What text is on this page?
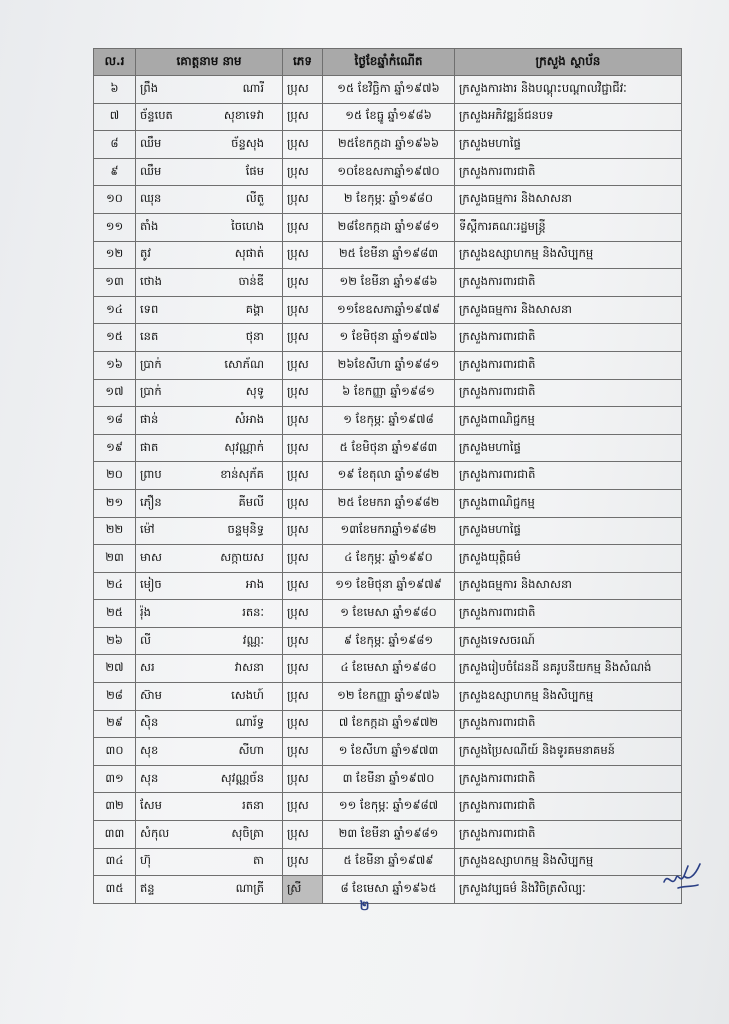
ល.រ	គោត្តនាម នាម	ភេទ	ថ្ងៃខែឆ្នាំកំណើត	ក្រសួង ស្ថាប័ន
៦	ព្រឹង ណារី	ប្រុស	១៥ ខែវិច្ឆិកា ឆ្នាំ១៩៧៦	ក្រសួងការងារ និងបណ្តុះបណ្តាលវិជ្ជាជីវៈ
៧	ច័ន្ទបេត សុខាទេវា	ប្រុស	១៥ ខែធ្នូ ឆ្នាំ១៩៨៦	ក្រសួងអភិវឌ្ឍន៍ជនបទ
៨	ឈឹម ច័ន្ទសុង	ប្រុស	២៥ខែកក្កដា ឆ្នាំ១៩៦៦	ក្រសួងមហាផ្ទៃ
៩	ឈឹម ផែម	ប្រុស	១០ខែឧសភាឆ្នាំ១៩៧០	ក្រសួងការពារជាតិ
១០	ឈុន លីតួ	ប្រុស	២ ខែកុម្ភៈ ឆ្នាំ១៩៨០	ក្រសួងធម្មការ និងសាសនា
១១	តាំង ចៃហេង	ប្រុស	២៨ខែកក្កដា ឆ្នាំ១៩៨១	ទីស្តីការគណៈរដ្ឋមន្ត្រី
១២	តូវ សុផាត់	ប្រុស	២៥ ខែមីនា ឆ្នាំ១៩៨៣	ក្រសួងឧស្សាហកម្ម និងសិប្បកម្ម
១៣	ថោង ចាន់ឌី	ប្រុស	១២ ខែមីនា ឆ្នាំ១៩៨៦	ក្រសួងការពារជាតិ
១៤	ទេព គង្គា	ប្រុស	១១ខែឧសភាឆ្នាំ១៩៧៩	ក្រសួងធម្មការ និងសាសនា
១៥	នេត ថុនា	ប្រុស	១ ខែមិថុនា ឆ្នាំ១៩៧៦	ក្រសួងការពារជាតិ
១៦	ប្រាក់ សោភ័ណ	ប្រុស	២៦ខែសីហា ឆ្នាំ១៩៨១	ក្រសួងការពារជាតិ
១៧	ប្រាក់ សុទូ	ប្រុស	៦ ខែកញ្ញា ឆ្នាំ១៩៨១	ក្រសួងការពារជាតិ
១៨	ផាន់ សំអាង	ប្រុស	១ ខែកុម្ភៈ ឆ្នាំ១៩៧៨	ក្រសួងពាណិជ្ជកម្ម
១៩	ផាត សុវណ្ណាក់	ប្រុស	៥ ខែមិថុនា ឆ្នាំ១៩៨៣	ក្រសួងមហាផ្ទៃ
២០	ព្រាប ខាន់សុភ័គ	ប្រុស	១៩ ខែតុលា ឆ្នាំ១៩៨២	ក្រសួងការពារជាតិ
២១	ភឿន គីមលី	ប្រុស	២៥ ខែមករា ឆ្នាំ១៩៨២	ក្រសួងពាណិជ្ជកម្ម
២២	ម៉ៅ ចន្ទមុនិទ្ធ	ប្រុស	១៣ខែមករាឆ្នាំ១៩៨២	ក្រសួងមហាផ្ទៃ
២៣	មាស សក្កាយស	ប្រុស	៤ ខែកុម្ភៈ ឆ្នាំ១៩៩០	ក្រសួងយុត្តិធម៌
២៤	មៀច អាង	ប្រុស	១១ ខែមិថុនា ឆ្នាំ១៩៧៩	ក្រសួងធម្មការ និងសាសនា
២៥	រ៉ុង រតនៈ	ប្រុស	១ ខែមេសា ឆ្នាំ១៩៨០	ក្រសួងការពារជាតិ
២៦	លី វណ្ណៈ	ប្រុស	៩ ខែកុម្ភៈ ឆ្នាំ១៩៨១	ក្រសួងទេសចរណ៍
២៧	សរ វាសនា	ប្រុស	៤ ខែមេសា ឆ្នាំ១៩៨០	ក្រសួងរៀបចំដែនដី នគរូបនីយកម្ម និងសំណង់
២៨	ស៊ាម សេងហ៍	ប្រុស	១២ ខែកញ្ញា ឆ្នាំ១៩៧៦	ក្រសួងឧស្សាហកម្ម និងសិប្បកម្ម
២៩	ស៊ិន ណារ័ទ្ធ	ប្រុស	៧ ខែកក្កដា ឆ្នាំ១៩៧២	ក្រសួងការពារជាតិ
៣០	សុខ សីហា	ប្រុស	១ ខែសីហា ឆ្នាំ១៩៧៣	ក្រសួងប្រៃសណីយ៍ និងទូរគមនាគមន៍
៣១	សុន សុវណ្ណច័ន	ប្រុស	៣ ខែមីនា ឆ្នាំ១៩៧០	ក្រសួងការពារជាតិ
៣២	សែម រតនា	ប្រុស	១១ ខែកុម្ភៈ ឆ្នាំ១៩៨៧	ក្រសួងការពារជាតិ
៣៣	សំកុល សុចិត្រា	ប្រុស	២៣ ខែមីនា ឆ្នាំ១៩៨១	ក្រសួងការពារជាតិ
៣៤	ហ៊ុ តា	ប្រុស	៥ ខែមីនា ឆ្នាំ១៩៧៩	ក្រសួងឧស្សាហកម្ម និងសិប្បកម្ម
៣៥	ឥន្ទ ណាត្រី	ស្រី	៨ ខែមេសា ឆ្នាំ១៩៦៥	ក្រសួងវប្បធម៌ និងវិចិត្រសិល្បៈ
២
